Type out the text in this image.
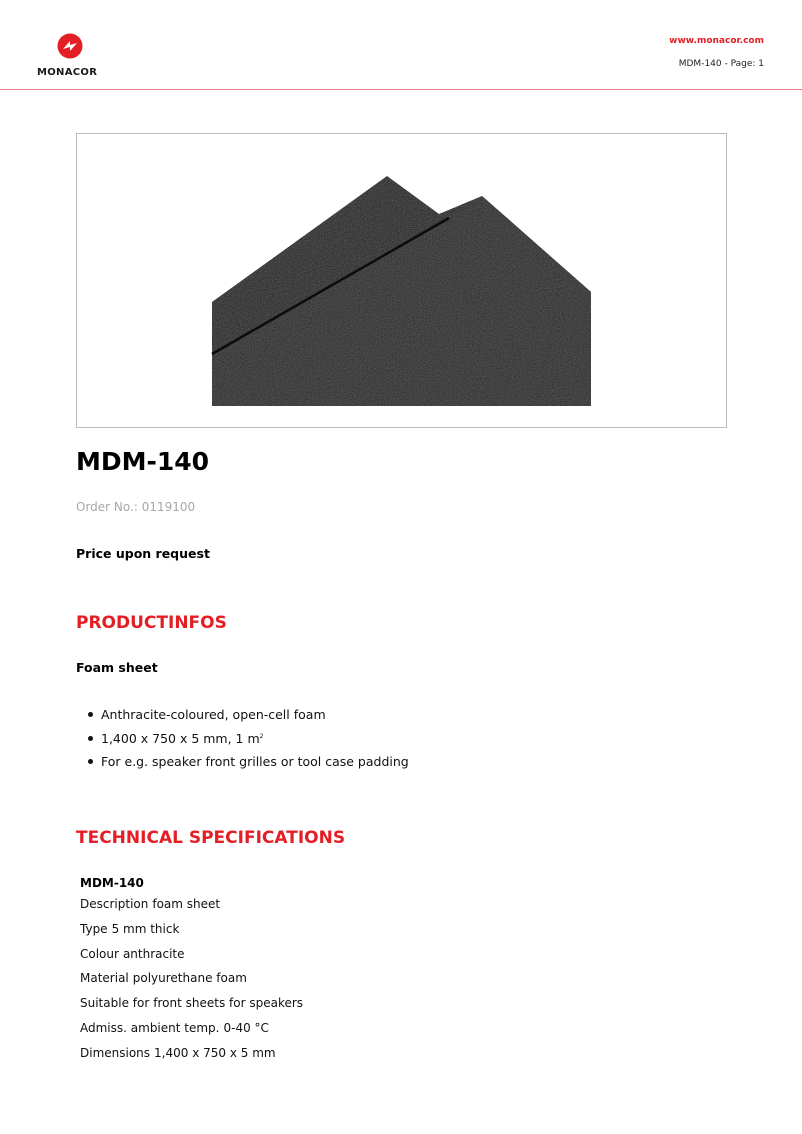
MONACOR
www.monacor.com
MDM-140 - Page: 1
MDM-140
Order No.: 0119100
Price upon request
PRODUCTINFOS
Foam sheet
Anthracite-coloured, open-cell foam
1,400 x 750 x 5 mm, 1 $m^2$
For e.g. speaker front grilles or tool case padding
TECHNICAL SPECIFICATIONS
MDM-140
Description foam sheet
Type 5 mm thick
Colour anthracite
Material polyurethane foam
Suitable for front sheets for speakers
Admiss. ambient temp. 0-40 °C
Dimensions 1,400 x 750 x 5 mm
